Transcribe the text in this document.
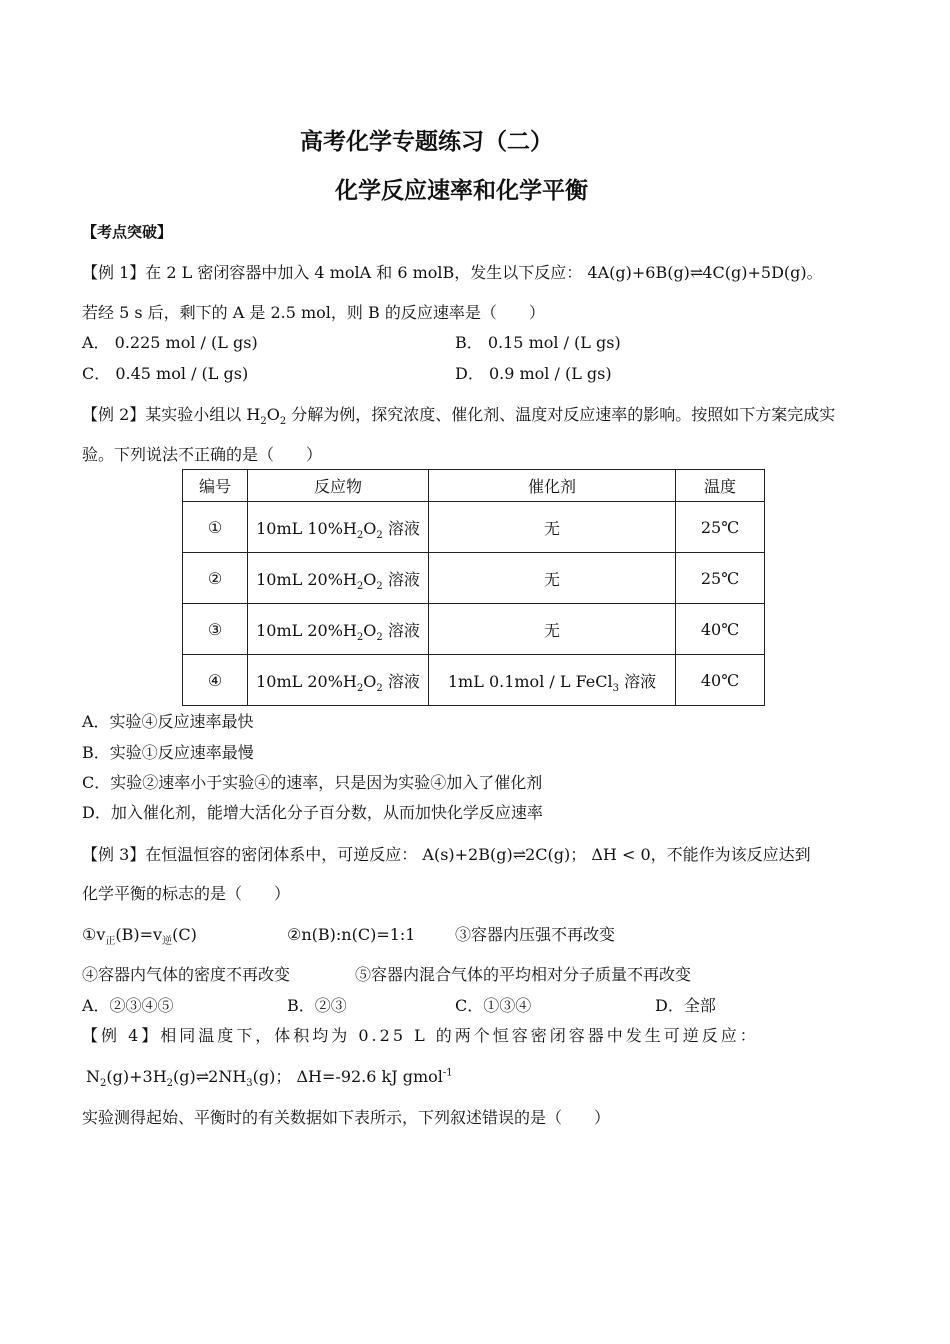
高考化学专题练习（二）
化学反应速率和化学平衡
【考点突破】
【例 1】在 2 L 密闭容器中加入 4 molA 和 6 molB，发生以下反应： 4A(g)+6B(g)⇌4C(g)+5D(g)。
若经 5 s 后，剩下的 A 是 2.5 mol，则 B 的反应速率是（　　）
A． 0.225 mol / (L gs)	B． 0.15 mol / (L gs)
C． 0.45 mol / (L gs)	D． 0.9 mol / (L gs)
【例 2】某实验小组以 $H_2O_2$ 分解为例，探究浓度、催化剂、温度对反应速率的影响。按照如下方案完成实
验。下列说法不正确的是（　　）
编号	反应物	催化剂	温度
①	10mL $10\%H_2O_2$ 溶液	无	25℃
②	10mL $20\%H_2O_2$ 溶液	无	25℃
③	10mL $20\%H_2O_2$ 溶液	无	40℃
④	10mL $20\%H_2O_2$ 溶液	1mL 0.1mol / L FeCl$_3$ 溶液	40℃
A．实验④反应速率最快
B．实验①反应速率最慢
C．实验②速率小于实验④的速率，只是因为实验④加入了催化剂
D．加入催化剂，能增大活化分子百分数，从而加快化学反应速率
【例 3】在恒温恒容的密闭体系中，可逆反应： A(s)+2B(g)⇌2C(g)； ΔH < 0，不能作为该反应达到
化学平衡的标志的是（　　）
$①v_正(B)=v_逆(C)$	②n(B):n(C)=1:1 ③容器内压强不再改变
④容器内气体的密度不再改变	⑤容器内混合气体的平均相对分子质量不再改变
A．②③④⑤	B．②③	C．①③④	D．全部
【例 4】相同温度下，体积均为 0.25 L 的两个恒容密闭容器中发生可逆反应：
$N_2(g)+3H_2(g)\rightleftharpoons 2NH_3(g)$； ΔH=-92.6 kJ gmol$^{-1}$
实验测得起始、平衡时的有关数据如下表所示，下列叙述错误的是（　　）
